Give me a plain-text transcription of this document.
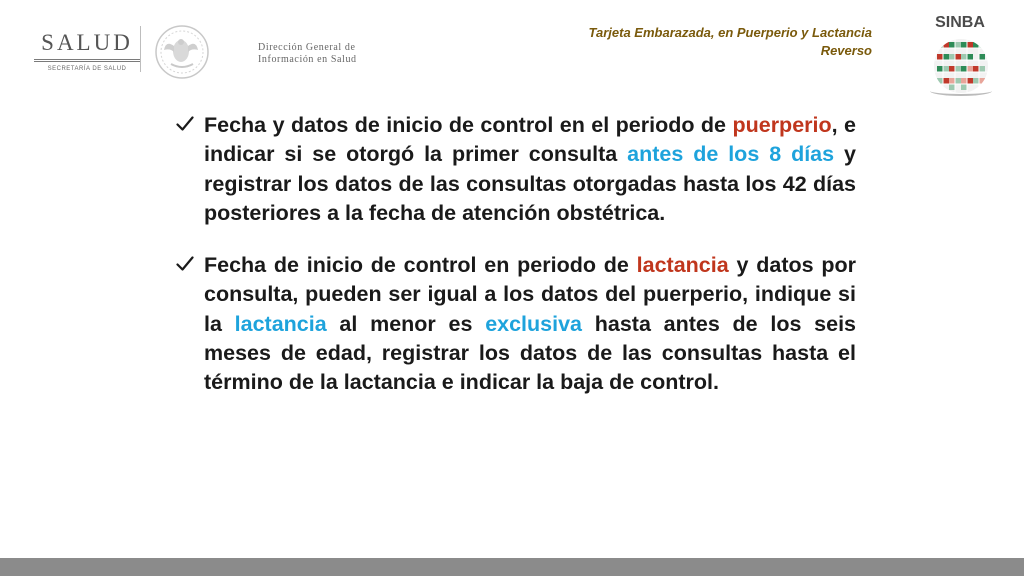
SALUD
SECRETARÍA DE SALUD
Dirección General de
Información en Salud
Tarjeta Embarazada, en Puerperio y Lactancia
Reverso
SINBA
Fecha y datos de inicio de control en el periodo de puerperio, e indicar si se otorgó la primer consulta antes de los 8 días y registrar los datos de las consultas otorgadas hasta los 42 días posteriores a la fecha de atención obstétrica.
Fecha de inicio de control en periodo de lactancia y datos por consulta, pueden ser igual a los datos del puerperio, indique si la lactancia al menor es exclusiva hasta antes de los seis meses de edad, registrar los datos de las consultas hasta el término de la lactancia e indicar la baja de control.
